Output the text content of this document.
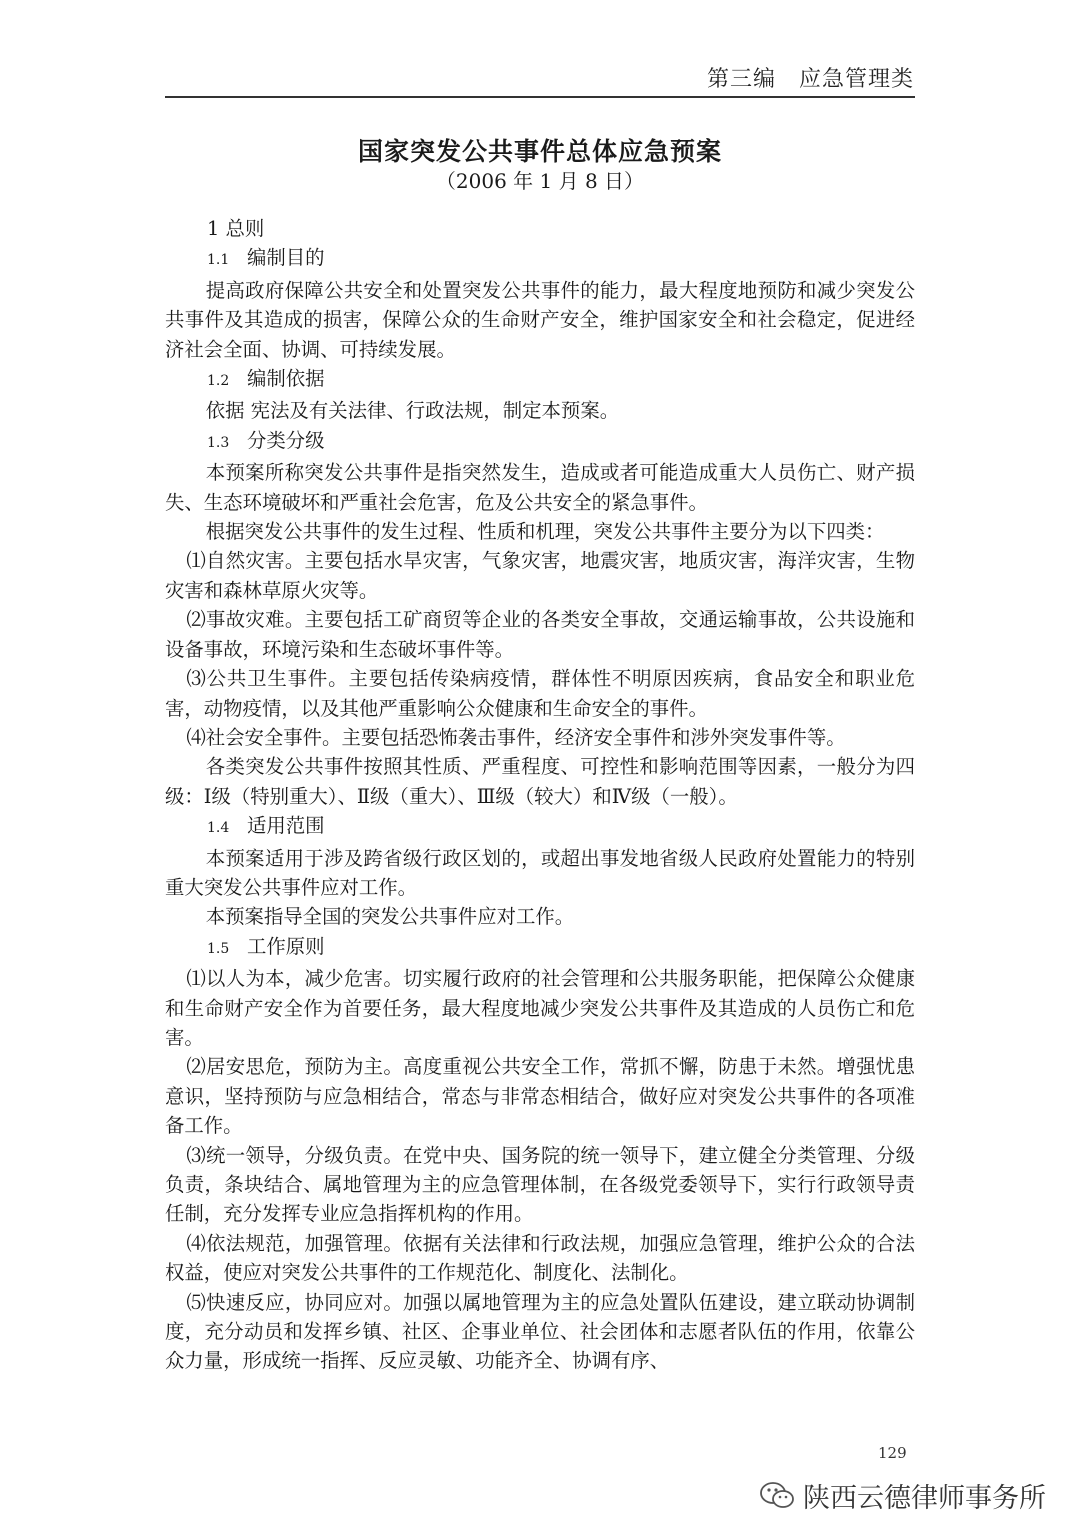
第三编　应急管理类
国家突发公共事件总体应急预案
（2006 年 1 月 8 日）

1 总则

1.1 编制目的

提高政府保障公共安全和处置突发公共事件的能力，最大程度地预防和减少突发公共事件及其造成的损害，保障公众的生命财产安全，维护国家安全和社会稳定，促进经济社会全面、协调、可持续发展。

1.2 编制依据

依据 宪法及有关法律、行政法规，制定本预案。

1.3 分类分级

本预案所称突发公共事件是指突然发生，造成或者可能造成重大人员伤亡、财产损失、生态环境破坏和严重社会危害，危及公共安全的紧急事件。

根据突发公共事件的发生过程、性质和机理，突发公共事件主要分为以下四类：

⑴自然灾害。主要包括水旱灾害，气象灾害，地震灾害，地质灾害，海洋灾害，生物灾害和森林草原火灾等。

⑵事故灾难。主要包括工矿商贸等企业的各类安全事故，交通运输事故，公共设施和设备事故，环境污染和生态破坏事件等。

⑶公共卫生事件。主要包括传染病疫情，群体性不明原因疾病，食品安全和职业危害，动物疫情，以及其他严重影响公众健康和生命安全的事件。

⑷社会安全事件。主要包括恐怖袭击事件，经济安全事件和涉外突发事件等。

各类突发公共事件按照其性质、严重程度、可控性和影响范围等因素，一般分为四级：Ⅰ级（特别重大）、Ⅱ级（重大）、Ⅲ级（较大）和Ⅳ级（一般）。

1.4 适用范围

本预案适用于涉及跨省级行政区划的，或超出事发地省级人民政府处置能力的特别重大突发公共事件应对工作。

本预案指导全国的突发公共事件应对工作。

1.5 工作原则

⑴以人为本，减少危害。切实履行政府的社会管理和公共服务职能，把保障公众健康和生命财产安全作为首要任务，最大程度地减少突发公共事件及其造成的人员伤亡和危害。

⑵居安思危，预防为主。高度重视公共安全工作，常抓不懈，防患于未然。增强忧患意识，坚持预防与应急相结合，常态与非常态相结合，做好应对突发公共事件的各项准备工作。

⑶统一领导，分级负责。在党中央、国务院的统一领导下，建立健全分类管理、分级负责，条块结合、属地管理为主的应急管理体制，在各级党委领导下，实行行政领导责任制，充分发挥专业应急指挥机构的作用。

⑷依法规范，加强管理。依据有关法律和行政法规，加强应急管理，维护公众的合法权益，使应对突发公共事件的工作规范化、制度化、法制化。

⑸快速反应，协同应对。加强以属地管理为主的应急处置队伍建设，建立联动协调制度，充分动员和发挥乡镇、社区、企事业单位、社会团体和志愿者队伍的作用，依靠公众力量，形成统一指挥、反应灵敏、功能齐全、协调有序、

129
陕西云德律师事务所
